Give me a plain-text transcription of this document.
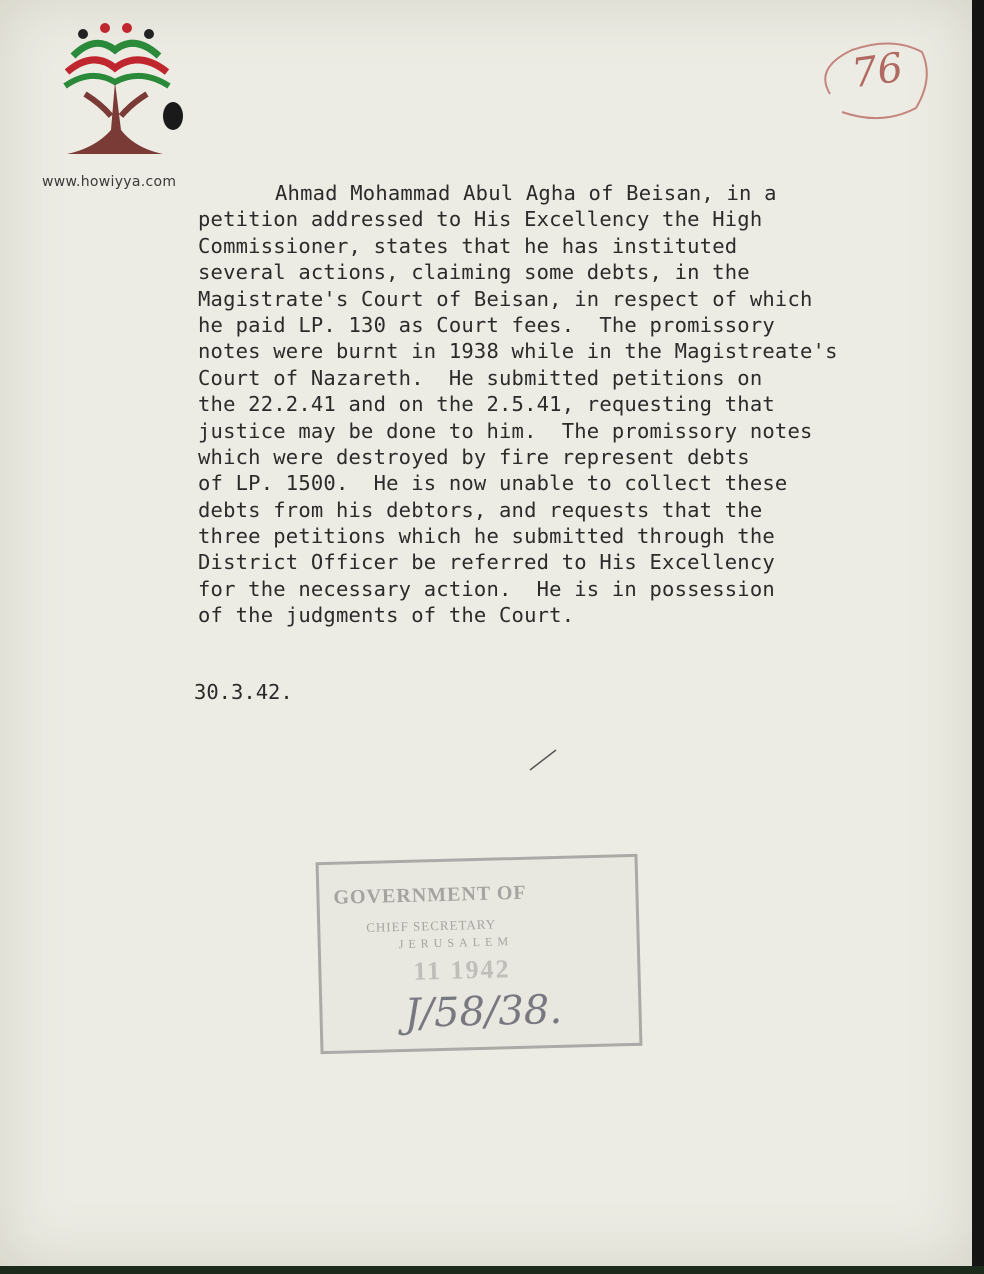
www.howiyya.com
76
Ahmad Mohammad Abul Agha of Beisan, in a
petition addressed to His Excellency the High
Commissioner, states that he has instituted
several actions, claiming some debts, in the
Magistrate's Court of Beisan, in respect of which
he paid LP. 130 as Court fees.  The promissory
notes were burnt in 1938 while in the Magistreate's
Court of Nazareth.  He submitted petitions on
the 22.2.41 and on the 2.5.41, requesting that
justice may be done to him.  The promissory notes
which were destroyed by fire represent debts
of LP. 1500.  He is now unable to collect these
debts from his debtors, and requests that the
three petitions which he submitted through the
District Officer be referred to His Excellency
for the necessary action.  He is in possession
of the judgments of the Court.
30.3.42.
GOVERNMENT OF
CHIEF SECRETARY
JERUSALEM
11 1942
J/58/38.
